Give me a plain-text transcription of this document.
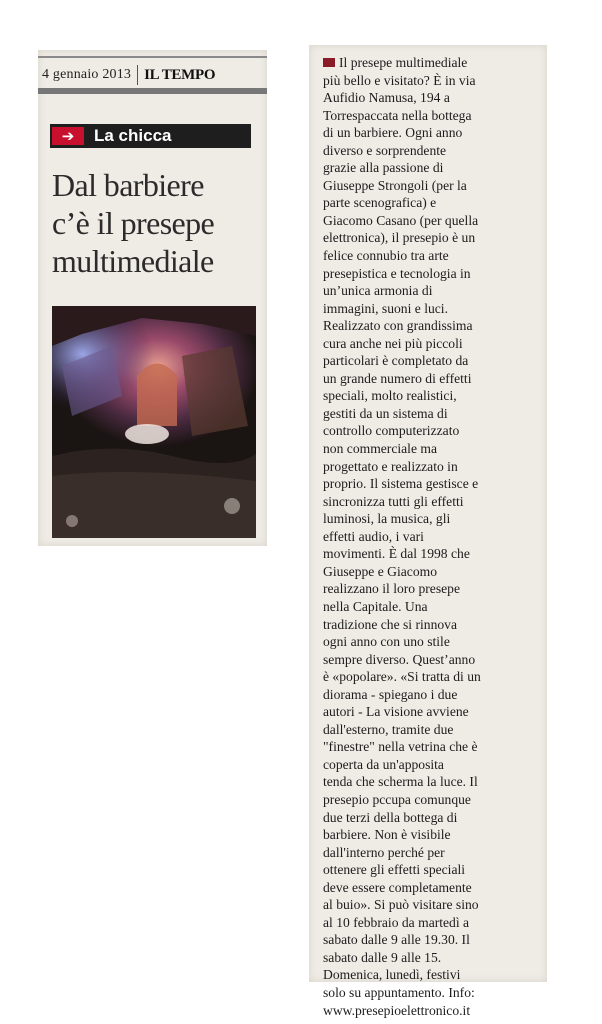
4 gennaio 2013 IL TEMPO
➔	La chicca
Dal barbiere
c’è il presepe
multimediale
Il presepe multimediale
più bello e visitato? È in via
Aufidio Namusa, 194 a
Torrespaccata nella bottega
di un barbiere. Ogni anno
diverso e sorprendente
grazie alla passione di
Giuseppe Strongoli (per la
parte scenografica) e
Giacomo Casano (per quella
elettronica), il presepio è un
felice connubio tra arte
presepistica e tecnologia in
un’unica armonia di
immagini, suoni e luci.
Realizzato con grandissima
cura anche nei più piccoli
particolari è completato da
un grande numero di effetti
speciali, molto realistici,
gestiti da un sistema di
controllo computerizzato
non commerciale ma
progettato e realizzato in
proprio. Il sistema gestisce e
sincronizza tutti gli effetti
luminosi, la musica, gli
effetti audio, i vari
movimenti. È dal 1998 che
Giuseppe e Giacomo
realizzano il loro presepe
nella Capitale. Una
tradizione che si rinnova
ogni anno con uno stile
sempre diverso. Quest’anno
è «popolare». «Si tratta di un
diorama - spiegano i due
autori - La visione avviene
dall'esterno, tramite due
"finestre" nella vetrina che è
coperta da un'apposita
tenda che scherma la luce. Il
presepio pccupa comunque
due terzi della bottega di
barbiere. Non è visibile
dall'interno perché per
ottenere gli effetti speciali
deve essere completamente
al buio». Si può visitare sino
al 10 febbraio da martedì a
sabato dalle 9 alle 19.30. Il
sabato dalle 9 alle 15.
Domenica, lunedì, festivi
solo su appuntamento. Info:
www.presepioelettronico.it
